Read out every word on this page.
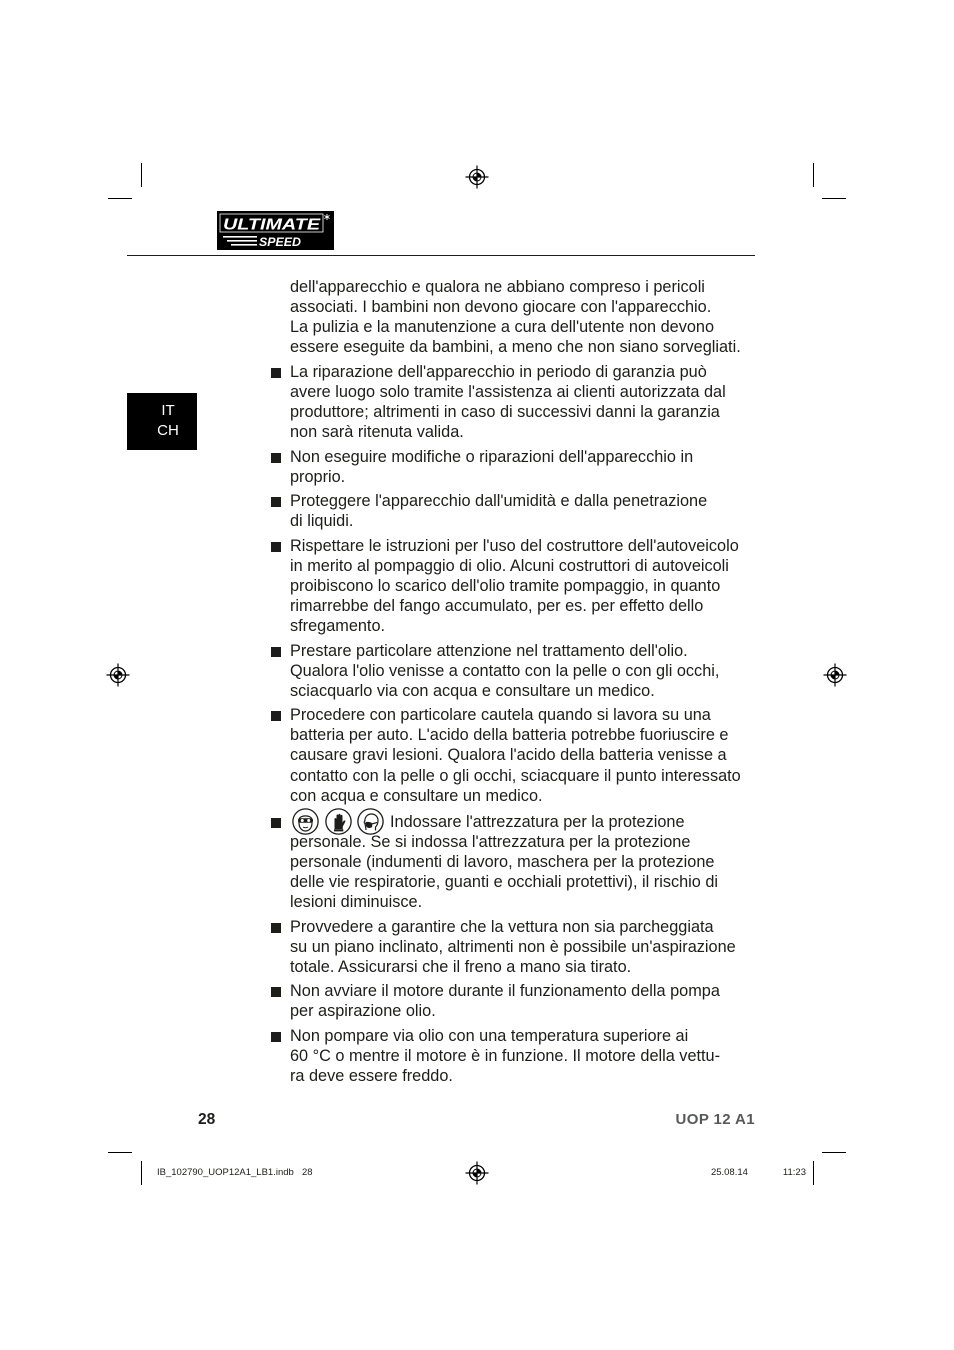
ULTIMATE
SPEED
IT
CH
dell'apparecchio e qualora ne abbiano compreso i pericoli
associati. I bambini non devono giocare con l'apparecchio.
La pulizia e la manutenzione a cura dell'utente non devono
essere eseguite da bambini, a meno che non siano sorvegliati.
La riparazione dell'apparecchio in periodo di garanzia può
avere luogo solo tramite l'assistenza ai clienti autorizzata dal
produttore; altrimenti in caso di successivi danni la garanzia
non sarà ritenuta valida.
Non eseguire modifiche o riparazioni dell'apparecchio in
proprio.
Proteggere l'apparecchio dall'umidità e dalla penetrazione
di liquidi.
Rispettare le istruzioni per l'uso del costruttore dell'autoveicolo
in merito al pompaggio di olio. Alcuni costruttori di autoveicoli
proibiscono lo scarico dell'olio tramite pompaggio, in quanto
rimarrebbe del fango accumulato, per es. per effetto dello
sfregamento.
Prestare particolare attenzione nel trattamento dell'olio.
Qualora l'olio venisse a contatto con la pelle o con gli occhi,
sciacquarlo via con acqua e consultare un medico.
Procedere con particolare cautela quando si lavora su una
batteria per auto. L'acido della batteria potrebbe fuoriuscire e
causare gravi lesioni. Qualora l'acido della batteria venisse a
contatto con la pelle o gli occhi, sciacquare il punto interessato
con acqua e consultare un medico.
Indossare l'attrezzatura per la protezione
personale. Se si indossa l'attrezzatura per la protezione
personale (indumenti di lavoro, maschera per la protezione
delle vie respiratorie, guanti e occhiali protettivi), il rischio di
lesioni diminuisce.
Provvedere a garantire che la vettura non sia parcheggiata
su un piano inclinato, altrimenti non è possibile un'aspirazione
totale. Assicurarsi che il freno a mano sia tirato.
Non avviare il motore durante il funzionamento della pompa
per aspirazione olio.
Non pompare via olio con una temperatura superiore ai
60 °C o mentre il motore è in funzione. Il motore della vettu-
ra deve essere freddo.
28	UOP 12 A1
IB_102790_UOP12A1_LB1.indb 28	25.08.14	11:23
